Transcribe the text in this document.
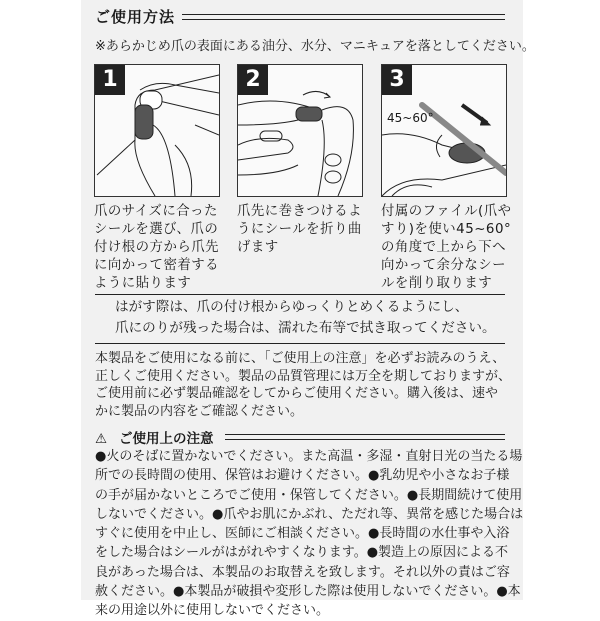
ご使用方法
※あらかじめ爪の表面にある油分、水分、マニキュアを落としてください。
1	2	3
45~60°
爪のサイズに合った
シールを選び、爪の
付け根の方から爪先
に向かって密着する
ように貼ります
爪先に巻きつけるよ
うにシールを折り曲
げます
付属のファイル(爪や
すり)を使い45~60°
の角度で上から下へ
向かって余分なシー
ルを削り取ります
はがす際は、爪の付け根からゆっくりとめくるようにし、
爪にのりが残った場合は、濡れた布等で拭き取ってください。
本製品をご使用になる前に、「ご使用上の注意」を必ずお読みのうえ、
正しくご使用ください。製品の品質管理には万全を期しておりますが、
ご使用前に必ず製品確認をしてからご使用ください。購入後は、速や
かに製品の内容をご確認ください。
⚠ ご使用上の注意
●火のそばに置かないでください。また高温・多湿・直射日光の当たる場
所での長時間の使用、保管はお避けください。●乳幼児や小さなお子様
の手が届かないところでご使用・保管してください。●長期間続けて使用
しないでください。●爪やお肌にかぶれ、ただれ等、異常を感じた場合は
すぐに使用を中止し、医師にご相談ください。●長時間の水仕事や入浴
をした場合はシールがはがれやすくなります。●製造上の原因による不
良があった場合は、本製品のお取替えを致します。それ以外の責はご容
赦ください。●本製品が破損や変形した際は使用しないでください。●本
来の用途以外に使用しないでください。
